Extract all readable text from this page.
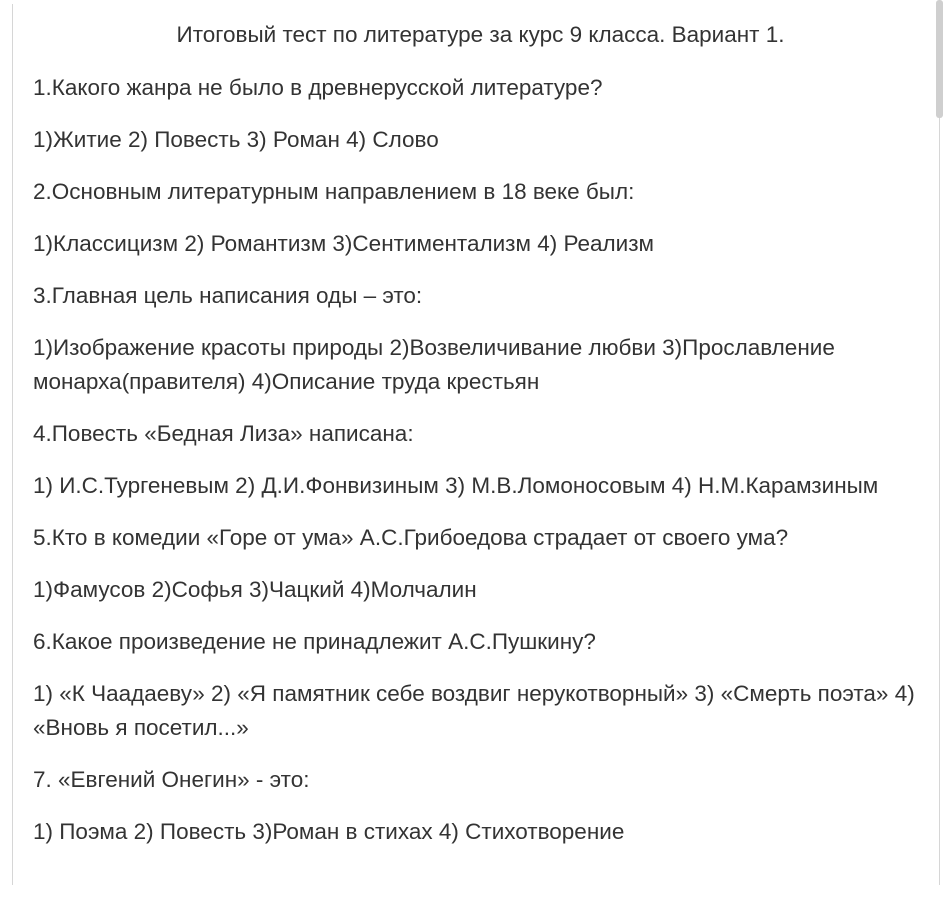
Итоговый тест по литературе за курс 9 класса. Вариант 1.
1.Какого жанра не было в древнерусской литературе?
1)Житие 2) Повесть 3) Роман 4) Слово
2.Основным литературным направлением в 18 веке был:
1)Классицизм 2) Романтизм 3)Сентиментализм 4) Реализм
3.Главная цель написания оды – это:
1)Изображение красоты природы 2)Возвеличивание любви 3)Прославление монарха(правителя) 4)Описание труда крестьян
4.Повесть «Бедная Лиза» написана:
1) И.С.Тургеневым 2) Д.И.Фонвизиным 3) М.В.Ломоносовым 4) Н.М.Карамзиным
5.Кто в комедии «Горе от ума» А.С.Грибоедова страдает от своего ума?
1)Фамусов 2)Софья 3)Чацкий 4)Молчалин
6.Какое произведение не принадлежит А.С.Пушкину?
1) «К Чаадаеву» 2) «Я памятник себе воздвиг нерукотворный» 3) «Смерть поэта» 4) «Вновь я посетил...»
7. «Евгений Онегин» - это:
1) Поэма 2) Повесть 3)Роман в стихах 4) Стихотворение
